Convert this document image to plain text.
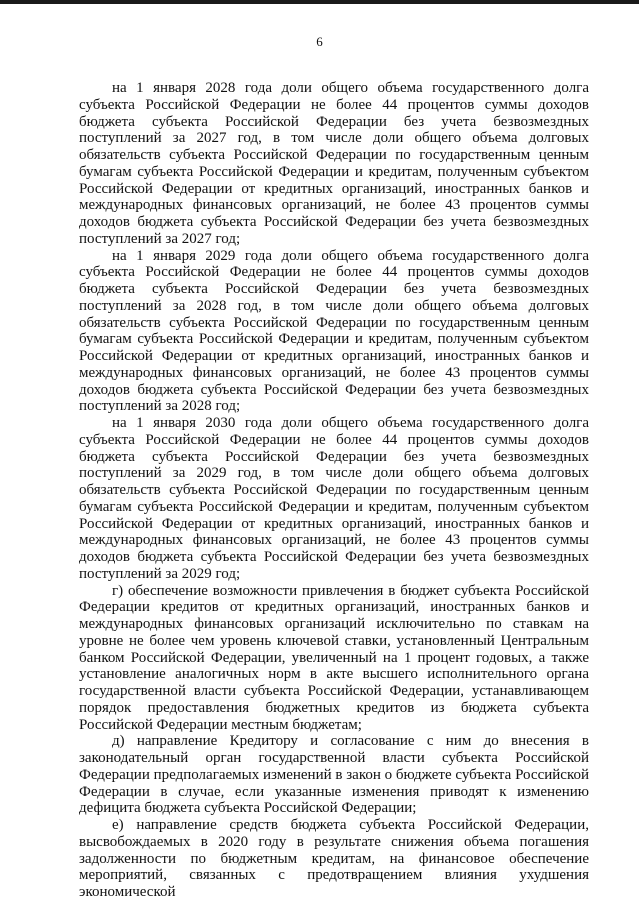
6

на 1 января 2028 года доли общего объема государственного долга субъекта Российской Федерации не более 44 процентов суммы доходов бюджета субъекта Российской Федерации без учета безвозмездных поступлений за 2027 год, в том числе доли общего объема долговых обязательств субъекта Российской Федерации по государственным ценным бумагам субъекта Российской Федерации и кредитам, полученным субъектом Российской Федерации от кредитных организаций, иностранных банков и международных финансовых организаций, не более 43 процентов суммы доходов бюджета субъекта Российской Федерации без учета безвозмездных поступлений за 2027 год;

на 1 января 2029 года доли общего объема государственного долга субъекта Российской Федерации не более 44 процентов суммы доходов бюджета субъекта Российской Федерации без учета безвозмездных поступлений за 2028 год, в том числе доли общего объема долговых обязательств субъекта Российской Федерации по государственным ценным бумагам субъекта Российской Федерации и кредитам, полученным субъектом Российской Федерации от кредитных организаций, иностранных банков и международных финансовых организаций, не более 43 процентов суммы доходов бюджета субъекта Российской Федерации без учета безвозмездных поступлений за 2028 год;

на 1 января 2030 года доли общего объема государственного долга субъекта Российской Федерации не более 44 процентов суммы доходов бюджета субъекта Российской Федерации без учета безвозмездных поступлений за 2029 год, в том числе доли общего объема долговых обязательств субъекта Российской Федерации по государственным ценным бумагам субъекта Российской Федерации и кредитам, полученным субъектом Российской Федерации от кредитных организаций, иностранных банков и международных финансовых организаций, не более 43 процентов суммы доходов бюджета субъекта Российской Федерации без учета безвозмездных поступлений за 2029 год;

г) обеспечение возможности привлечения в бюджет субъекта Российской Федерации кредитов от кредитных организаций, иностранных банков и международных финансовых организаций исключительно по ставкам на уровне не более чем уровень ключевой ставки, установленный Центральным банком Российской Федерации, увеличенный на 1 процент годовых, а также установление аналогичных норм в акте высшего исполнительного органа государственной власти субъекта Российской Федерации, устанавливающем порядок предоставления бюджетных кредитов из бюджета субъекта Российской Федерации местным бюджетам;

д) направление Кредитору и согласование с ним до внесения в законодательный орган государственной власти субъекта Российской Федерации предполагаемых изменений в закон о бюджете субъекта Российской Федерации в случае, если указанные изменения приводят к изменению дефицита бюджета субъекта Российской Федерации;

е) направление средств бюджета субъекта Российской Федерации, высвобождаемых в 2020 году в результате снижения объема погашения задолженности по бюджетным кредитам, на финансовое обеспечение мероприятий, связанных с предотвращением влияния ухудшения экономической
